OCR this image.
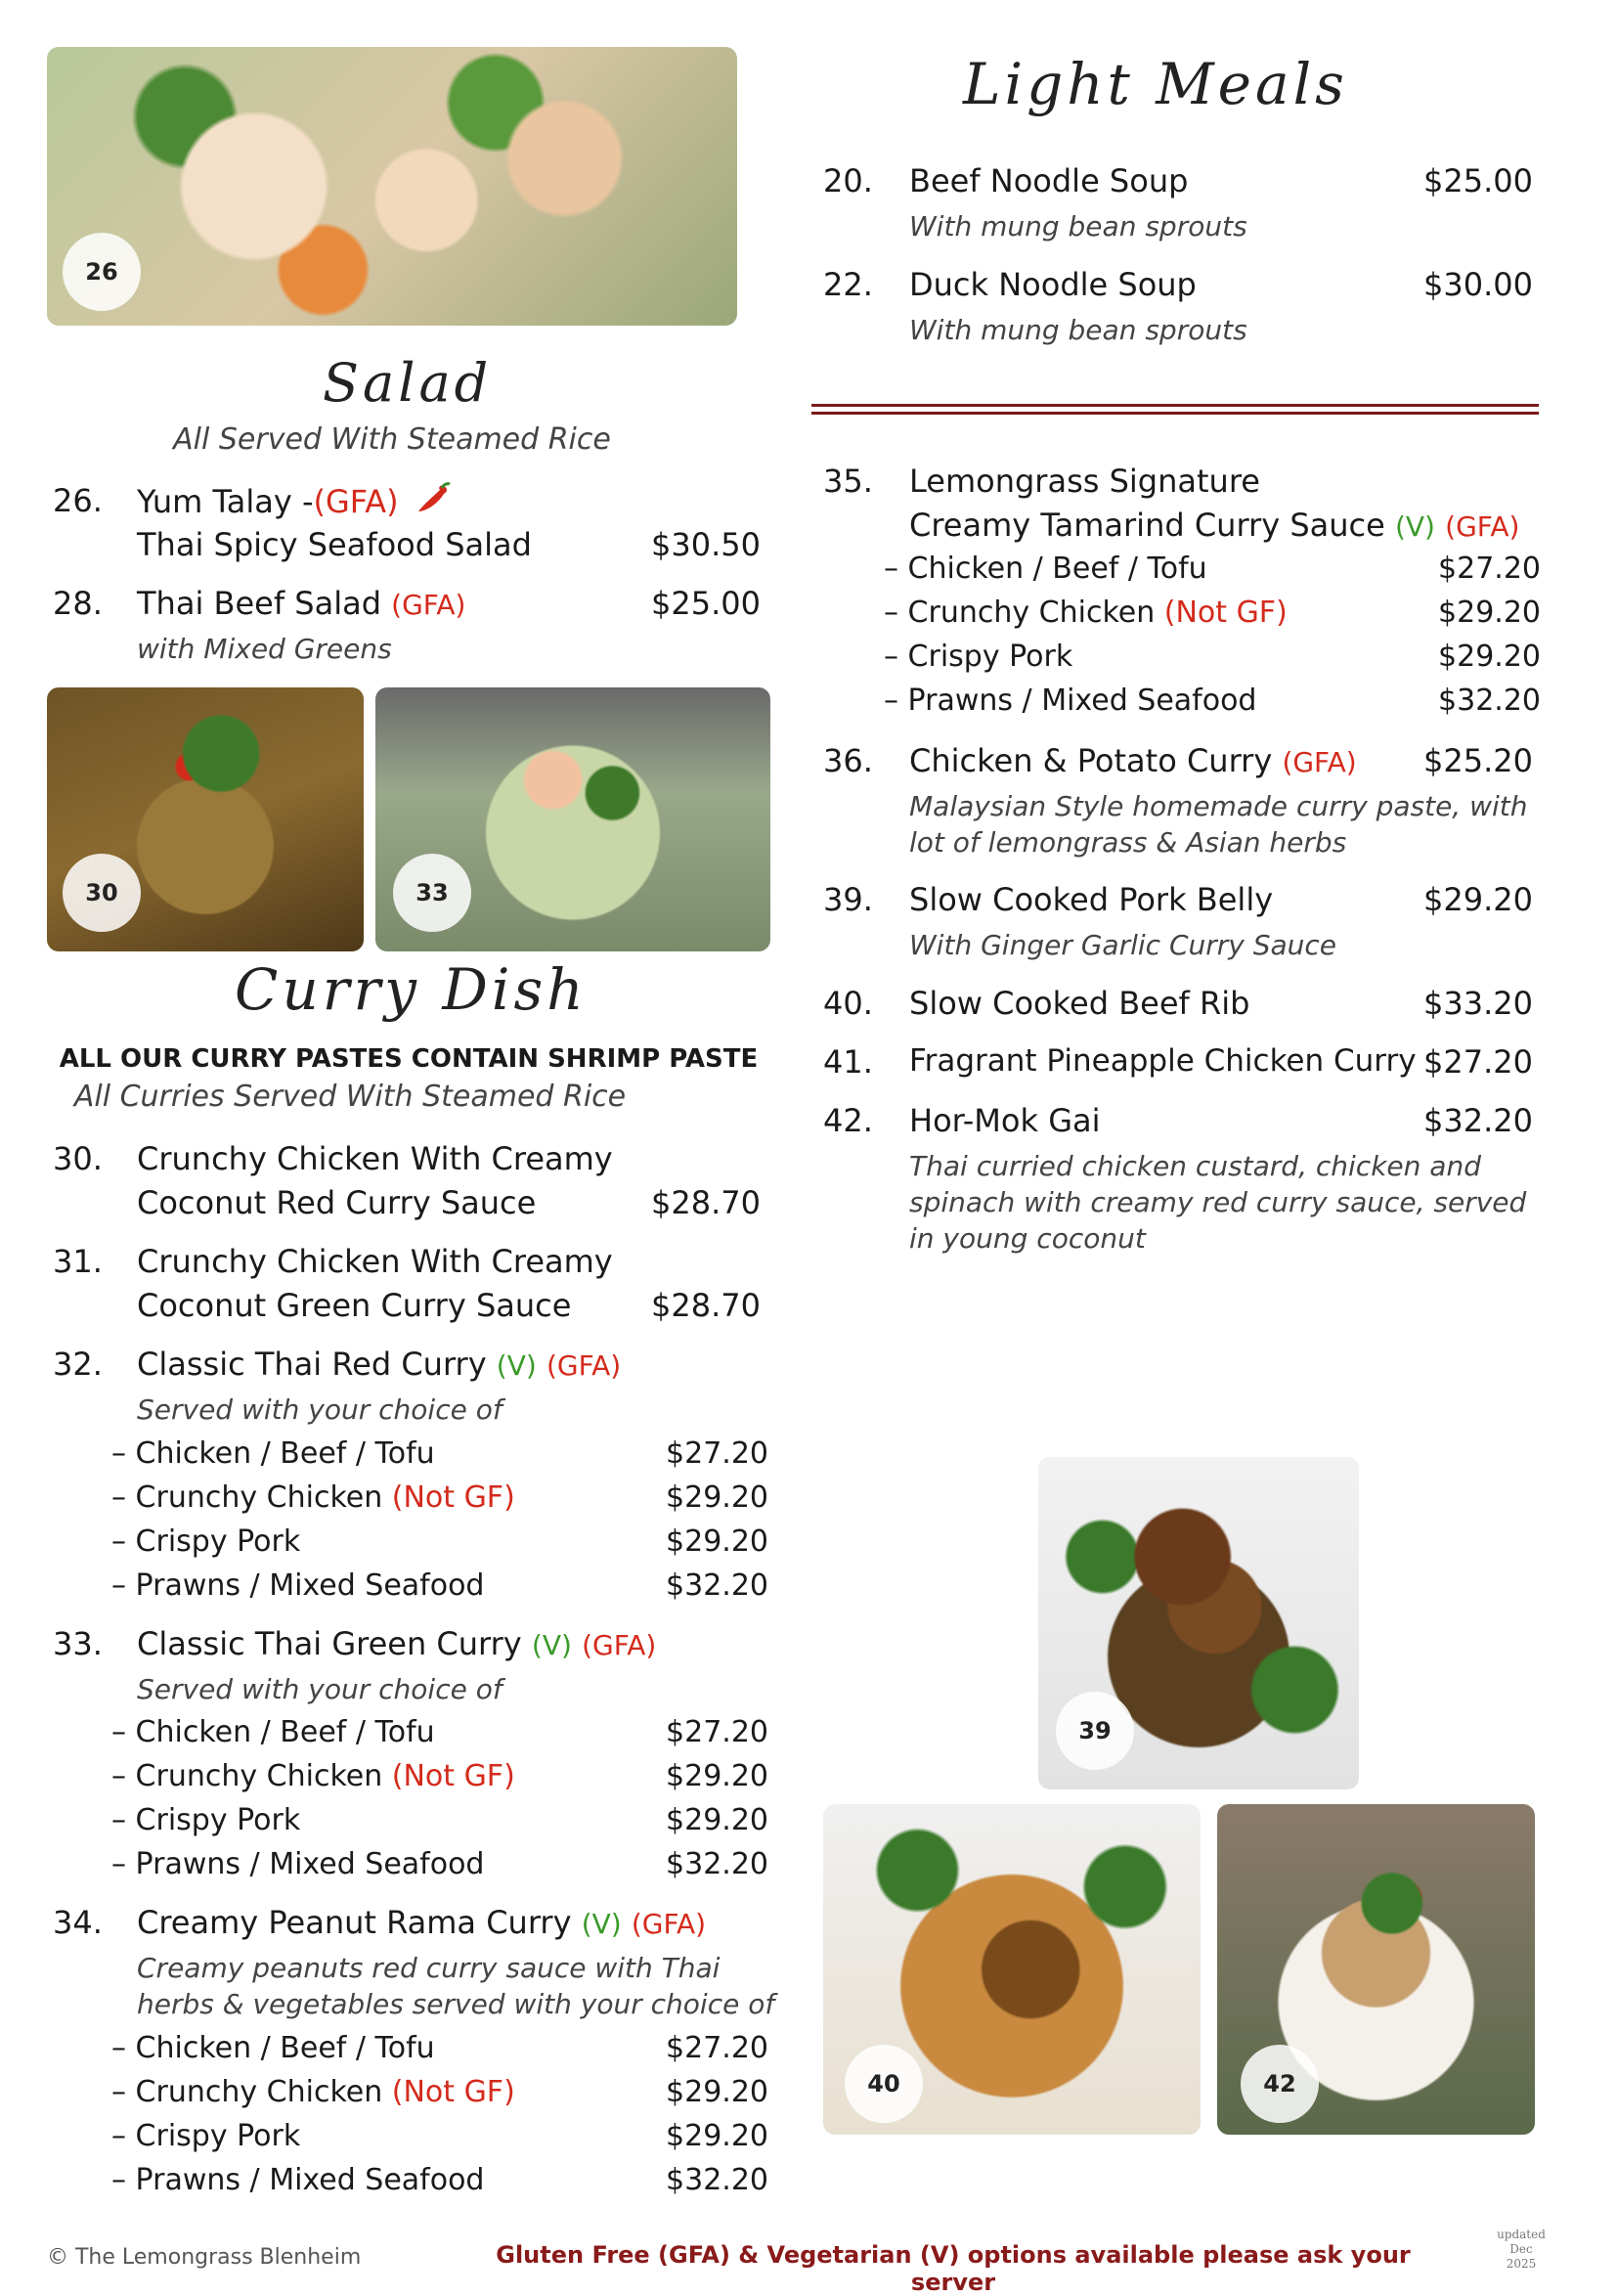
26
30	33
39
40	42
Light Meals
20. Beef Noodle Soup	$25.00
With mung bean sprouts
22. Duck Noodle Soup	$30.00
With mung bean sprouts
Salad
All Served With Steamed Rice
26. Yum Talay -(GFA)
Thai Spicy Seafood Salad	$30.50
28. Thai Beef Salad (GFA)	$25.00
with Mixed Greens
Curry Dish
ALL OUR CURRY PASTES CONTAIN SHRIMP PASTE
All Curries Served With Steamed Rice
30. Crunchy Chicken With Creamy
Coconut Red Curry Sauce	$28.70
31. Crunchy Chicken With Creamy
Coconut Green Curry Sauce	$28.70
32. Classic Thai Red Curry (V) (GFA)
Served with your choice of
– Chicken / Beef / Tofu	$27.20
– Crunchy Chicken (Not GF)	$29.20
– Crispy Pork	$29.20
– Prawns / Mixed Seafood	$32.20
33. Classic Thai Green Curry (V) (GFA)
Served with your choice of
– Chicken / Beef / Tofu	$27.20
– Crunchy Chicken (Not GF)	$29.20
– Crispy Pork	$29.20
– Prawns / Mixed Seafood	$32.20
34. Creamy Peanut Rama Curry (V) (GFA)
Creamy peanuts red curry sauce with Thai
herbs & vegetables served with your choice of
– Chicken / Beef / Tofu	$27.20
– Crunchy Chicken (Not GF)	$29.20
– Crispy Pork	$29.20
– Prawns / Mixed Seafood	$32.20
35. Lemongrass Signature
Creamy Tamarind Curry Sauce (V) (GFA)
– Chicken / Beef / Tofu	$27.20
– Crunchy Chicken (Not GF)	$29.20
– Crispy Pork	$29.20
– Prawns / Mixed Seafood	$32.20
36. Chicken & Potato Curry (GFA)	$25.20
Malaysian Style homemade curry paste, with
lot of lemongrass & Asian herbs
39. Slow Cooked Pork Belly	$29.20
With Ginger Garlic Curry Sauce
40. Slow Cooked Beef Rib	$33.20
41. Fragrant Pineapple Chicken Curry $27.20
42. Hor-Mok Gai	$32.20
Thai curried chicken custard, chicken and
spinach with creamy red curry sauce, served
in young coconut
© The Lemongrass Blenheim	Gluten Free (GFA) & Vegetarian (V) options available please ask your server
updated
Dec
2025
